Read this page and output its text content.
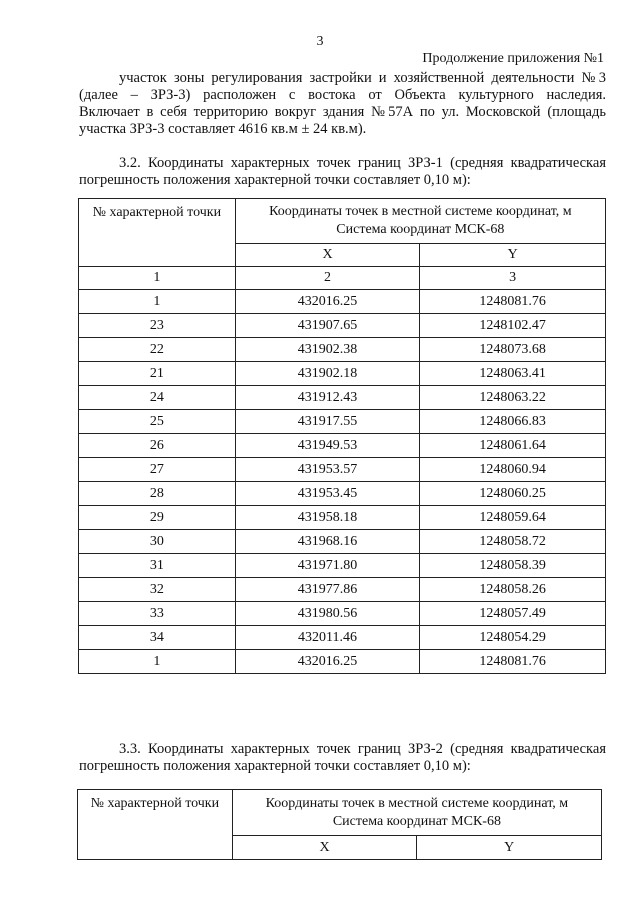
3
Продолжение приложения №1
участок зоны регулирования застройки и хозяйственной деятельности №3
(далее – ЗРЗ-3) расположен с востока от Объекта культурного наследия.
Включает в себя территорию вокруг здания №57А по ул. Московской (площадь
участка ЗРЗ-3 составляет 4616 кв.м ± 24 кв.м).
3.2. Координаты характерных точек границ ЗРЗ-1 (средняя квадратическая
погрешность положения характерной точки составляет 0,10 м):
№ характерной точки	Координаты точек в местной системе координат, м
Система координат МСК-68	

	X	Y
1	2	3
1	432016.25	1248081.76
23	431907.65	1248102.47
22	431902.38	1248073.68
21	431902.18	1248063.41
24	431912.43	1248063.22
25	431917.55	1248066.83
26	431949.53	1248061.64
27	431953.57	1248060.94
28	431953.45	1248060.25
29	431958.18	1248059.64
30	431968.16	1248058.72
31	431971.80	1248058.39
32	431977.86	1248058.26
33	431980.56	1248057.49
34	432011.46	1248054.29
1	432016.25	1248081.76
3.3. Координаты характерных точек границ ЗРЗ-2 (средняя квадратическая
погрешность положения характерной точки составляет 0,10 м):
№ характерной точки	Координаты точек в местной системе координат, м
Система координат МСК-68	

	X	Y
